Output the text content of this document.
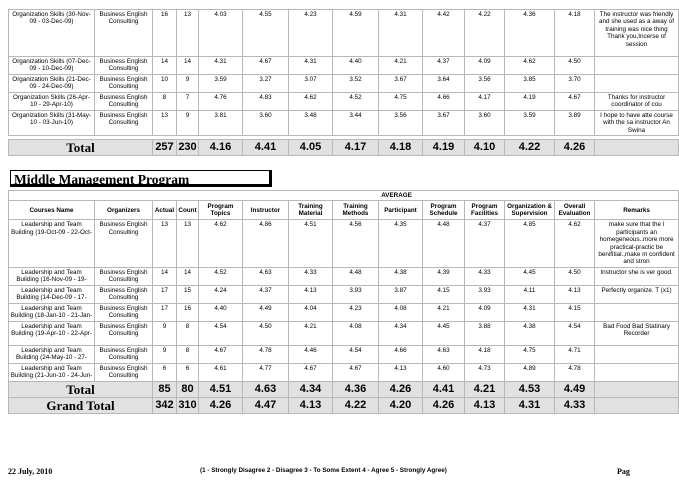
Organization Skills (30-Nov-09 - 03-Dec-09)	Business English Consulting	16	13	4.03	4.55	4.23	4.59	4.31	4.42	4.22	4.36	4.18	The instructor was friendly and she used as a away of training was nice thing Thank you,Incerse of session
Organization Skills (07-Dec-09 - 10-Dec-09)	Business English Consulting	14	14	4.31	4.67	4.31	4.40	4.21	4.37	4.09	4.62	4.50	
Organization Skills (21-Dec-09 - 24-Dec-09)	Business English Consulting	10	9	3.59	3.27	3.07	3.52	3.67	3.64	3.56	3.85	3.70	
Organization Skills (26-Apr-10 - 29-Apr-10)	Business English Consulting	8	7	4.76	4.83	4.62	4.52	4.75	4.66	4.17	4.19	4.67	Thanks for instructor coordinator of cou
Organization Skills (31-May-10 - 03-Jun-10)	Business English Consulting	13	9	3.81	3.60	3.48	3.44	3.56	3.67	3.60	3.59	3.89	I hope to have atte course with the sa instructor An Swina

Total		257	230	4.16	4.41	4.05	4.17	4.18	4.19	4.10	4.22	4.26	
Middle Management Program
				AVERAGE									
Courses Name	Organizers	Actual	Count	Program Topics	Instructor	Training Material	Training Methods	Participant	Program Schedule	Program Facilities	Organization & Supervision	Overall Evaluation	Remarks
Leadership and Team Building (19-Oct-09 - 22-Oct-	Business English Consulting	13	13	4.62	4.86	4.51	4.56	4.35	4.48	4.37	4.85	4.62	make sure that the l participants an homegeneous..more more practical-practic be benifitial.,make m confident and stron
Leadership and Team Building (16-Nov-09 - 19-	Business English Consulting	14	14	4.52	4.63	4.33	4.48	4.38	4.39	4.33	4.45	4.50	Instructor she is ver good.
Leadership and Team Building (14-Dec-09 - 17-	Business English Consulting	17	15	4.24	4.37	4.13	3.93	3.87	4.15	3.93	4.11	4.13	Perfectly organize. T (x1)
Leadership and Team Building (18-Jan-10 - 21-Jan-	Business English Consulting	17	16	4.40	4.49	4.04	4.23	4.08	4.21	4.09	4.31	4.15	
Leadership and Team Building (19-Apr-10 - 22-Apr-	Business English Consulting	9	8	4.54	4.50	4.21	4.08	4.34	4.45	3.88	4.38	4.54	Bad Food Bad Statinary Recorder
Leadership and Team Building (24-May-10 - 27-	Business English Consulting	9	8	4.67	4.78	4.46	4.54	4.66	4.63	4.18	4.75	4.71	
Leadership and Team Building (21-Jun-10 - 24-Jun-	Business English Consulting	6	6	4.61	4.77	4.67	4.67	4.13	4.60	4.73	4.89	4.78	
Total		85	80	4.51	4.63	4.34	4.36	4.26	4.41	4.21	4.53	4.49	
Grand Total		342	310	4.26	4.47	4.13	4.22	4.20	4.26	4.13	4.31	4.33	
22 July, 2010	(1 - Strongly Disagree 2 - Disagree 3 - To Some Extent 4 - Agree 5 - Strongly Agree)	Pag
